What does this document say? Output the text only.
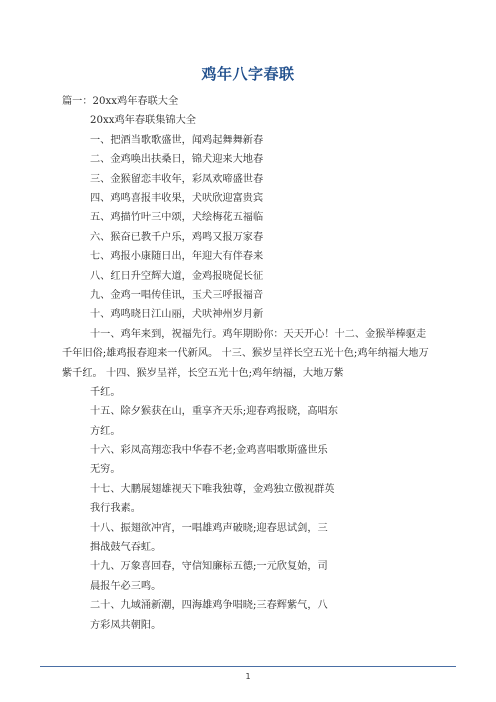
鸡年八字春联
篇一：20xx鸡年春联大全
20xx鸡年春联集锦大全
一、把酒当歌歌盛世，闻鸡起舞舞新春
二、金鸡唤出扶桑日，锦犬迎来大地春
三、金猴留恋丰收年，彩凤欢啼盛世春
四、鸡鸣喜报丰收果，犬吠欣迎富贵宾
五、鸡描竹叶三中颂，犬绘梅花五福临
六、猴奋已教千户乐，鸡鸣又报万家春
七、鸡报小康随日出，年迎大有伴春来
八、红日升空辉大道，金鸡报晓促长征
九、金鸡一唱传佳讯，玉犬三呼报福音
十、鸡鸣晓日江山丽，犬吠神州岁月新
十一、鸡年来到，祝福先行。鸡年期盼你：天天开心！十二、金猴举棒驱走千年旧俗;雄鸡报春迎来一代新风。 十三、猴岁呈祥长空五光十色;鸡年纳福大地万紫千红。 十四、猴岁呈祥，长空五光十色;鸡年纳福，大地万紫
千红。
十五、除夕猴获在山，重享齐天乐;迎春鸡报晓，高唱东
方红。
十六、彩凤高翔恋我中华春不老;金鸡喜唱歌斯盛世乐
无穷。
十七、大鹏展翅雄视天下唯我独尊，金鸡独立傲视群英
我行我素。
十八、振翅欲冲宵，一唱雄鸡声破晓;迎春思试剑，三
揖战鼓气吞虹。
十九、万象喜回春，守信知廉标五德;一元欣复始，司
晨报午必三鸣。
二十、九域涌新潮，四海雄鸡争唱晓;三春辉紫气，八
方彩凤共朝阳。
1
